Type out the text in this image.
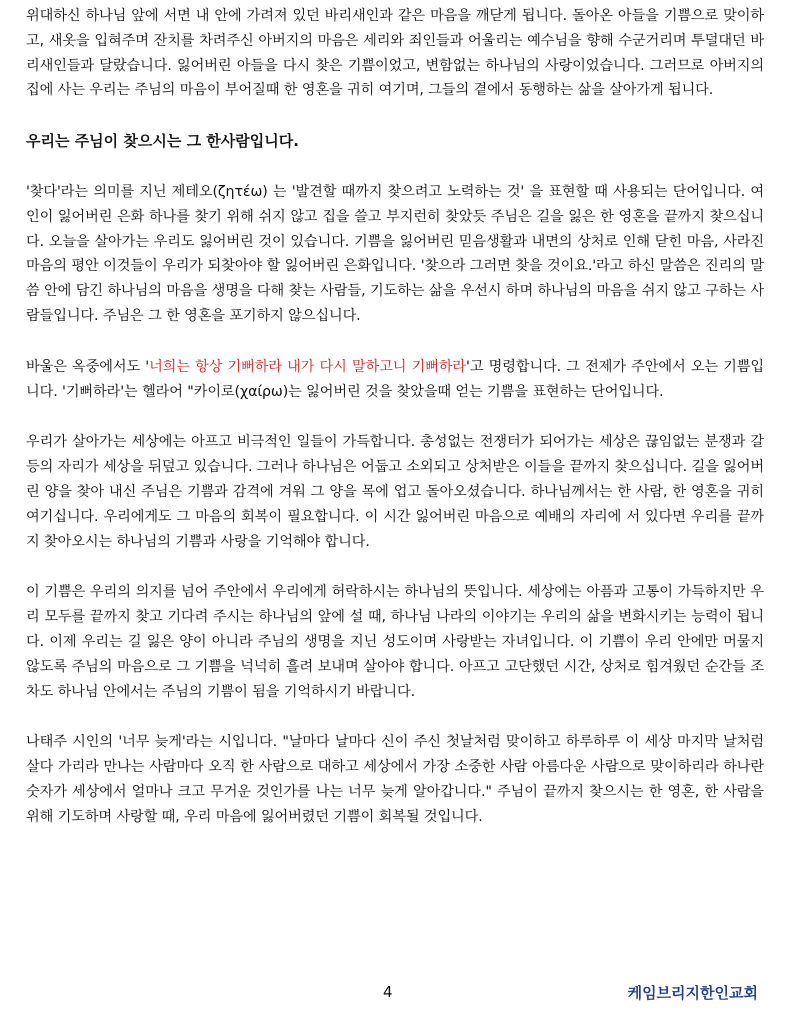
위대하신 하나님 앞에 서면 내 안에 가려져 있던 바리새인과 같은 마음을 깨닫게 됩니다. 돌아온 아들을 기쁨으로 맞이하고, 새옷을 입혀주며 잔치를 차려주신 아버지의 마음은 세리와 죄인들과 어울리는 예수님을 향해 수군거리며 투덜대던 바리새인들과 달랐습니다. 잃어버린 아들을 다시 찾은 기쁨이었고, 변함없는 하나님의 사랑이었습니다. 그러므로 아버지의 집에 사는 우리는 주님의 마음이 부어질때 한 영혼을 귀히 여기며, 그들의 곁에서 동행하는 삶을 살아가게 됩니다.

우리는 주님이 찾으시는 그 한사람입니다.

'찾다'라는 의미를 지닌 제테오(ζητέω) 는 '발견할 때까지 찾으려고 노력하는 것' 을 표현할 때 사용되는 단어입니다. 여인이 잃어버린 은화 하나를 찾기 위해 쉬지 않고 집을 쓸고 부지런히 찾았듯 주님은 길을 잃은 한 영혼을 끝까지 찾으십니다. 오늘을 살아가는 우리도 잃어버린 것이 있습니다. 기쁨을 잃어버린 믿음생활과 내면의 상처로 인해 닫힌 마음, 사라진 마음의 평안 이것들이 우리가 되찾아야 할 잃어버린 은화입니다. '찾으라 그러면 찾을 것이요.'라고 하신 말씀은 진리의 말씀 안에 담긴 하나님의 마음을 생명을 다해 찾는 사람들, 기도하는 삶을 우선시 하며 하나님의 마음을 쉬지 않고 구하는 사람들입니다. 주님은 그 한 영혼을 포기하지 않으십니다.

바울은 옥중에서도 '너희는 항상 기뻐하라 내가 다시 말하고니 기뻐하라'고 명령합니다. 그 전제가 주안에서 오는 기쁨입니다. '기뻐하라'는 헬라어 "카이로(χαίρω)는 잃어버린 것을 찾았을때 얻는 기쁨을 표현하는 단어입니다.

우리가 살아가는 세상에는 아프고 비극적인 일들이 가득합니다. 총성없는 전쟁터가 되어가는 세상은 끊임없는 분쟁과 갈등의 자리가 세상을 뒤덮고 있습니다. 그러나 하나님은 어둡고 소외되고 상처받은 이들을 끝까지 찾으십니다. 길을 잃어버린 양을 찾아 내신 주님은 기쁨과 감격에 겨워 그 양을 목에 업고 돌아오셨습니다. 하나님께서는 한 사람, 한 영혼을 귀히 여기십니다. 우리에게도 그 마음의 회복이 필요합니다. 이 시간 잃어버린 마음으로 예배의 자리에 서 있다면 우리를 끝까지 찾아오시는 하나님의 기쁨과 사랑을 기억해야 합니다.

이 기쁨은 우리의 의지를 넘어 주안에서 우리에게 허락하시는 하나님의 뜻입니다. 세상에는 아픔과 고통이 가득하지만 우리 모두를 끝까지 찾고 기다려 주시는 하나님의 앞에 설 때, 하나님 나라의 이야기는 우리의 삶을 변화시키는 능력이 됩니다. 이제 우리는 길 잃은 양이 아니라 주님의 생명을 지닌 성도이며 사랑받는 자녀입니다. 이 기쁨이 우리 안에만 머물지 않도록 주님의 마음으로 그 기쁨을 넉넉히 흘려 보내며 살아야 합니다. 아프고 고단했던 시간, 상처로 힘겨웠던 순간들 조차도 하나님 안에서는 주님의 기쁨이 됨을 기억하시기 바랍니다.

나태주 시인의 '너무 늦게'라는 시입니다. "날마다 날마다 신이 주신 첫날처럼 맞이하고 하루하루 이 세상 마지막 날처럼 살다 가리라 만나는 사람마다 오직 한 사람으로 대하고 세상에서 가장 소중한 사람 아름다운 사람으로 맞이하리라 하나란 숫자가 세상에서 얼마나 크고 무거운 것인가를 나는 너무 늦게 알아갑니다." 주님이 끝까지 찾으시는 한 영혼, 한 사람을 위해 기도하며 사랑할 때, 우리 마음에 잃어버렸던 기쁨이 회복될 것입니다.

4	케임브리지한인교회
